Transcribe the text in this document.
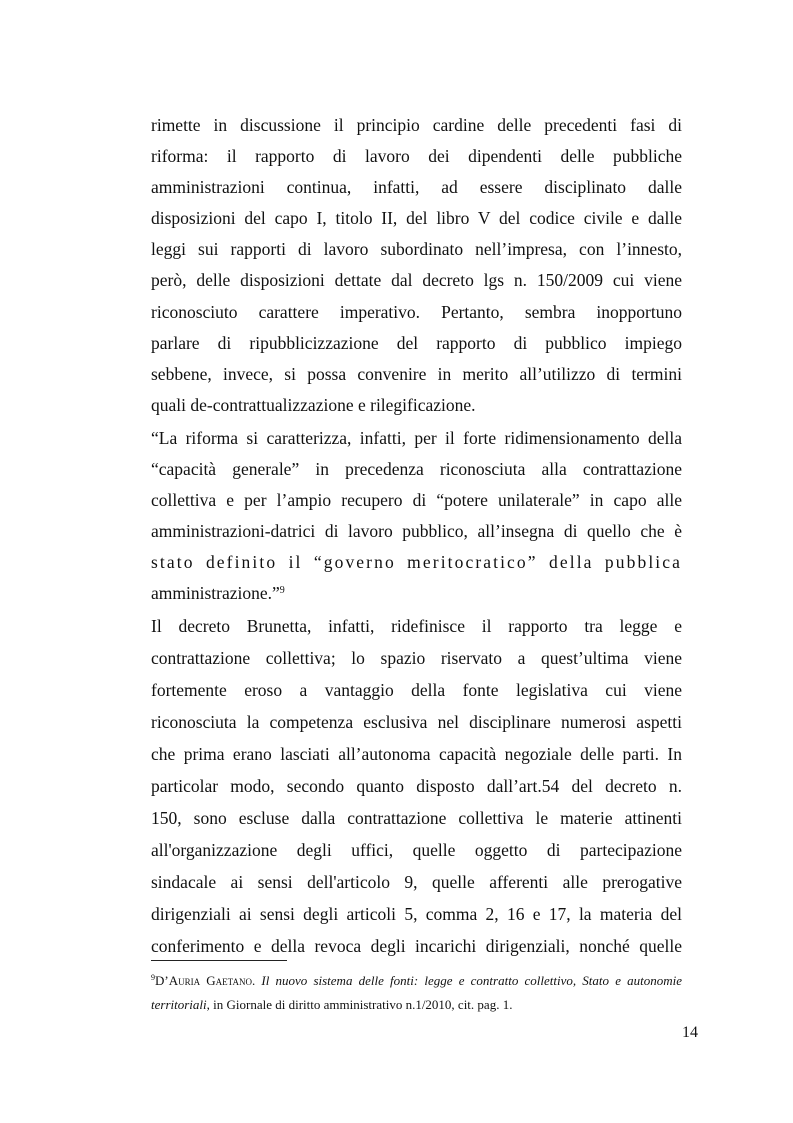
rimette in discussione il principio cardine delle precedenti fasi di
riforma: il rapporto di lavoro dei dipendenti delle pubbliche
amministrazioni continua, infatti, ad essere disciplinato dalle
disposizioni del capo I, titolo II, del libro V del codice civile e dalle
leggi sui rapporti di lavoro subordinato nell’impresa, con l’innesto,
però, delle disposizioni dettate dal decreto lgs n. 150/2009 cui viene
riconosciuto carattere imperativo. Pertanto, sembra inopportuno
parlare di ripubblicizzazione del rapporto di pubblico impiego
sebbene, invece, si possa convenire in merito all’utilizzo di termini
quali de-contrattualizzazione e rilegificazione.
“La riforma si caratterizza, infatti, per il forte ridimensionamento della
“capacità generale” in precedenza riconosciuta alla contrattazione
collettiva e per l’ampio recupero di “potere unilaterale” in capo alle
amministrazioni-datrici di lavoro pubblico, all’insegna di quello che è
stato definito il “governo meritocratico” della pubblica
amministrazione.”$^9$
Il decreto Brunetta, infatti, ridefinisce il rapporto tra legge e
contrattazione collettiva; lo spazio riservato a quest’ultima viene
fortemente eroso a vantaggio della fonte legislativa cui viene
riconosciuta la competenza esclusiva nel disciplinare numerosi aspetti
che prima erano lasciati all’autonoma capacità negoziale delle parti. In
particolar modo, secondo quanto disposto dall’art.54 del decreto n.
150, sono escluse dalla contrattazione collettiva le materie attinenti
all'organizzazione degli uffici, quelle oggetto di partecipazione
sindacale ai sensi dell'articolo 9, quelle afferenti alle prerogative
dirigenziali ai sensi degli articoli 5, comma 2, 16 e 17, la materia del
conferimento e della revoca degli incarichi dirigenziali, nonché quelle
$^9$D’Auria Gaetano. Il nuovo sistema delle fonti: legge e contratto collettivo, Stato e autonomie
territoriali, in Giornale di diritto amministrativo n.1/2010, cit. pag. 1.
14
